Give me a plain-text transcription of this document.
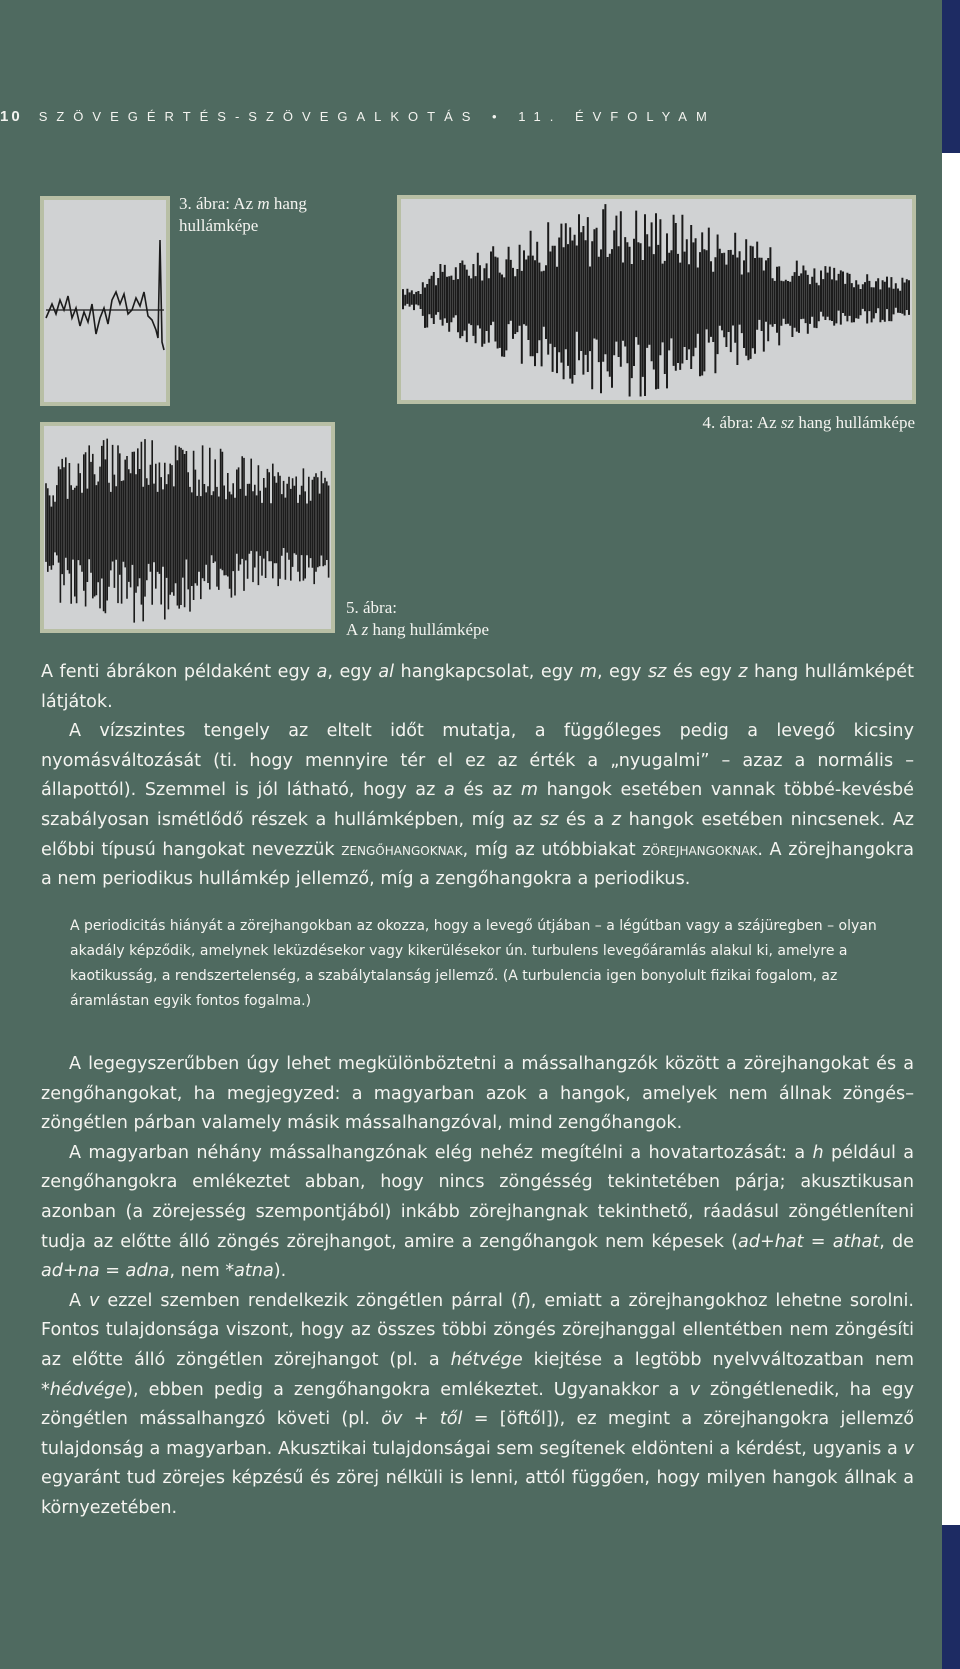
10 SZÖVEGÉRTÉS-SZÖVEGALKOTÁS • 11. ÉVFOLYAM
3. ábra: Az m hang hullámképe
4. ábra: Az sz hang hullámképe
5. ábra:
A z hang hullámképe

A fenti ábrákon példaként egy a, egy al hangkapcsolat, egy m, egy sz és egy z hang hullámképét látjátok.

A vízszintes tengely az eltelt időt mutatja, a függőleges pedig a levegő kicsiny nyomásváltozását (ti. hogy mennyire tér el ez az érték a „nyugalmi” – azaz a normális – állapottól). Szemmel is jól látható, hogy az a és az m hangok esetében vannak többé-kevésbé szabályosan ismétlődő részek a hullámképben, míg az sz és a z hangok esetében nincsenek. Az előbbi típusú hangokat nevezzük zengőhangoknak, míg az utóbbiakat zörejhangoknak. A zörejhangokra a nem periodikus hullámkép jellemző, míg a zengőhangokra a periodikus.

A periodicitás hiányát a zörejhangokban az okozza, hogy a levegő útjában – a légútban vagy a szájüregben – olyan akadály képződik, amelynek leküzdésekor vagy kikerülésekor ún. turbulens levegőáramlás alakul ki, amelyre a kaotikusság, a rendszertelenség, a szabálytalanság jellemző. (A turbulencia igen bonyolult fizikai fogalom, az áramlástan egyik fontos fogalma.)

A legegyszerűbben úgy lehet megkülönböztetni a mássalhangzók között a zörejhangokat és a zengőhangokat, ha megjegyzed: a magyarban azok a hangok, amelyek nem állnak zöngés–zöngétlen párban valamely másik mássalhangzóval, mind zengőhangok.

A magyarban néhány mássalhangzónak elég nehéz megítélni a hovatartozását: a h például a zengőhangokra emlékeztet abban, hogy nincs zöngésség tekintetében párja; akusztikusan azonban (a zörejesség szempontjából) inkább zörejhangnak tekinthető, ráadásul zöngétleníteni tudja az előtte álló zöngés zörejhangot, amire a zengőhangok nem képesek (ad+hat = athat, de ad+na = adna, nem *atna).

A v ezzel szemben rendelkezik zöngétlen párral (f), emiatt a zörejhangokhoz lehetne sorolni. Fontos tulajdonsága viszont, hogy az összes többi zöngés zörejhanggal ellentétben nem zöngésíti az előtte álló zöngétlen zörejhangot (pl. a hétvége kiejtése a legtöbb nyelvváltozatban nem *hédvége), ebben pedig a zengőhangokra emlékeztet. Ugyanakkor a v zöngétlenedik, ha egy zöngétlen mássalhangzó követi (pl. öv + től = [öftől]), ez megint a zörejhangokra jellemző tulajdonság a magyarban. Akusztikai tulajdonságai sem segítenek eldönteni a kérdést, ugyanis a v egyaránt tud zörejes képzésű és zörej nélküli is lenni, attól függően, hogy milyen hangok állnak a környezetében.
